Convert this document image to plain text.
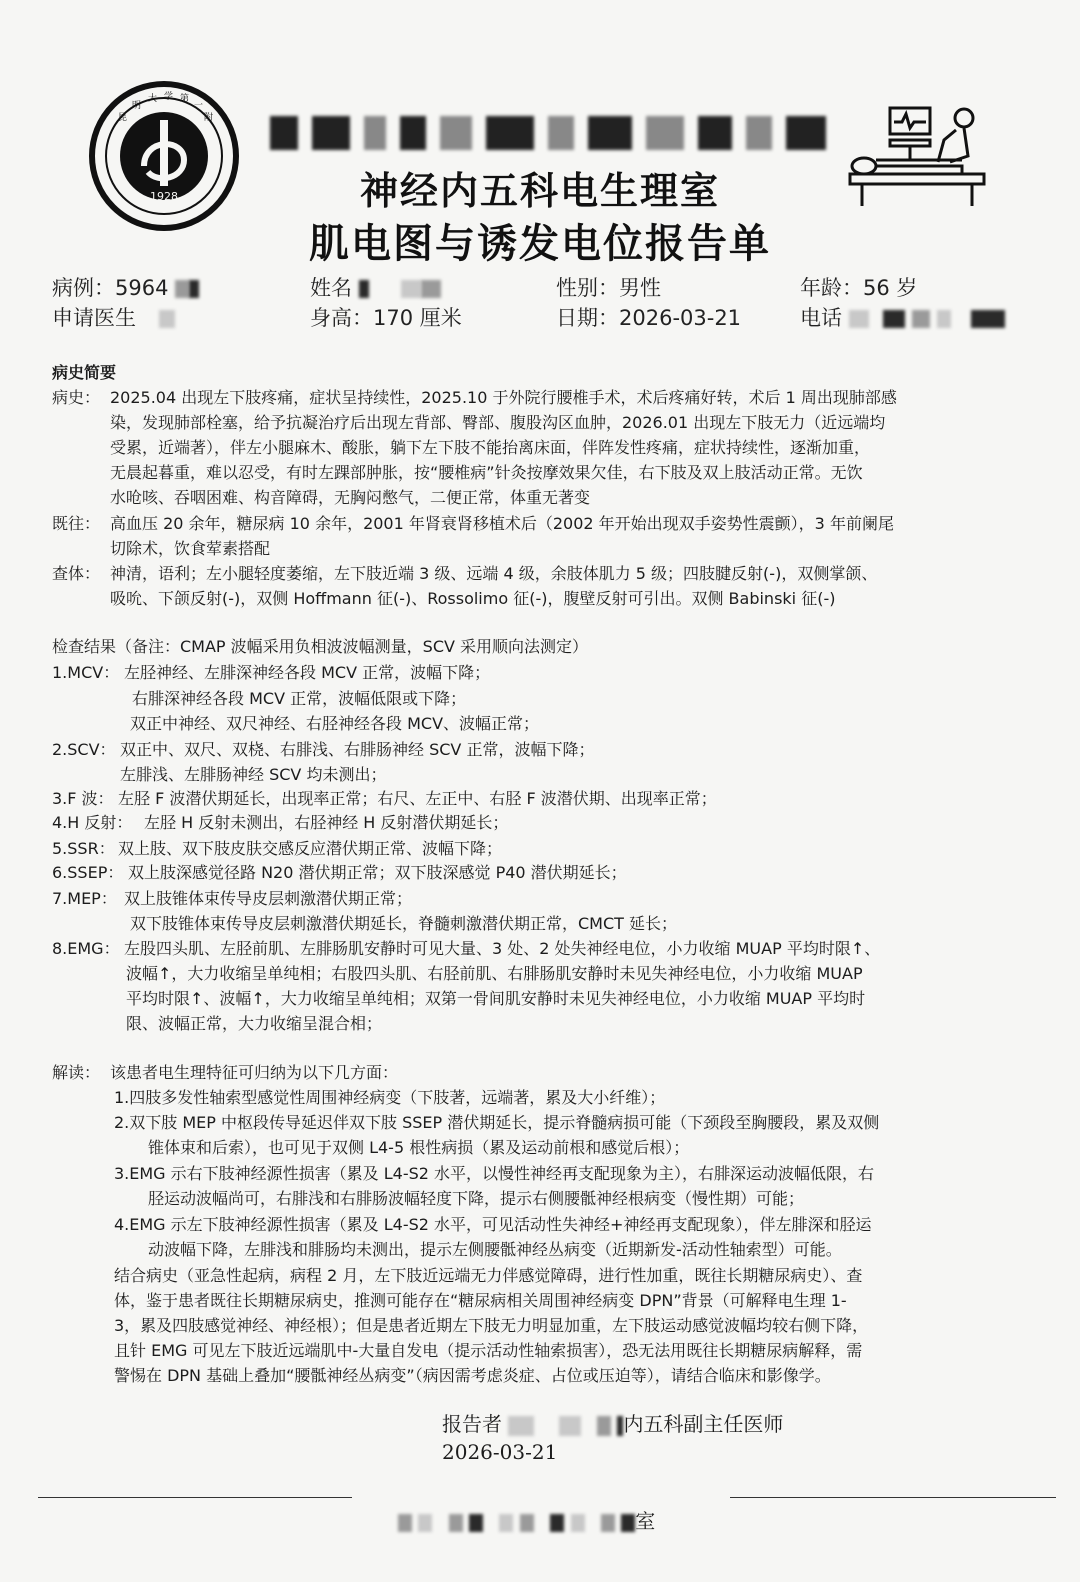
1928
昆
明
大 学 第
一
附
神经内五科电生理室
肌电图与诱发电位报告单
病例：5964	姓名	性别：男性	年龄：56 岁
申请医生	身高：170 厘米	日期：2026-03-21	电话
病史简要
病史： 2025.04 出现左下肢疼痛，症状呈持续性，2025.10 于外院行腰椎手术，术后疼痛好转，术后 1 周出现肺部感
染，发现肺部栓塞，给予抗凝治疗后出现左背部、臀部、腹股沟区血肿，2026.01 出现左下肢无力（近远端均
受累，近端著），伴左小腿麻木、酸胀，躺下左下肢不能抬离床面，伴阵发性疼痛，症状持续性，逐渐加重，
无晨起暮重，难以忍受，有时左踝部肿胀，按“腰椎病”针灸按摩效果欠佳，右下肢及双上肢活动正常。无饮
水呛咳、吞咽困难、构音障碍，无胸闷憋气，二便正常，体重无著变
既往： 高血压 20 余年，糖尿病 10 余年，2001 年肾衰肾移植术后（2002 年开始出现双手姿势性震颤），3 年前阑尾
切除术，饮食荤素搭配
查体： 神清，语利；左小腿轻度萎缩，左下肢近端 3 级、远端 4 级，余肢体肌力 5 级；四肢腱反射(-)，双侧掌颌、
吸吮、下颌反射(-)，双侧 Hoffmann 征(-)、Rossolimo 征(-)，腹壁反射可引出。双侧 Babinski 征(-)
检查结果（备注：CMAP 波幅采用负相波波幅测量，SCV 采用顺向法测定）
1.MCV： 左胫神经、左腓深神经各段 MCV 正常，波幅下降；
右腓深神经各段 MCV 正常，波幅低限或下降；
双正中神经、双尺神经、右胫神经各段 MCV、波幅正常；
2.SCV： 双正中、双尺、双桡、右腓浅、右腓肠神经 SCV 正常，波幅下降；
左腓浅、左腓肠神经 SCV 均未测出；
3.F 波： 左胫 F 波潜伏期延长，出现率正常；右尺、左正中、右胫 F 波潜伏期、出现率正常；
4.H 反射： 左胫 H 反射未测出，右胫神经 H 反射潜伏期延长；
5.SSR： 双上肢、双下肢皮肤交感反应潜伏期正常、波幅下降；
6.SSEP： 双上肢深感觉径路 N20 潜伏期正常；双下肢深感觉 P40 潜伏期延长；
7.MEP： 双上肢锥体束传导皮层刺激潜伏期正常；
双下肢锥体束传导皮层刺激潜伏期延长，脊髓刺激潜伏期正常，CMCT 延长；
8.EMG： 左股四头肌、左胫前肌、左腓肠肌安静时可见大量、3 处、2 处失神经电位，小力收缩 MUAP 平均时限↑、
波幅↑，大力收缩呈单纯相；右股四头肌、右胫前肌、右腓肠肌安静时未见失神经电位，小力收缩 MUAP
平均时限↑、波幅↑，大力收缩呈单纯相；双第一骨间肌安静时未见失神经电位，小力收缩 MUAP 平均时
限、波幅正常，大力收缩呈混合相；
解读： 该患者电生理特征可归纳为以下几方面：
1.四肢多发性轴索型感觉性周围神经病变（下肢著，远端著，累及大小纤维）；
2.双下肢 MEP 中枢段传导延迟伴双下肢 SSEP 潜伏期延长，提示脊髓病损可能（下颈段至胸腰段，累及双侧
锥体束和后索），也可见于双侧 L4-5 根性病损（累及运动前根和感觉后根）；
3.EMG 示右下肢神经源性损害（累及 L4-S2 水平，以慢性神经再支配现象为主），右腓深运动波幅低限，右
胫运动波幅尚可，右腓浅和右腓肠波幅轻度下降，提示右侧腰骶神经根病变（慢性期）可能；
4.EMG 示左下肢神经源性损害（累及 L4-S2 水平，可见活动性失神经+神经再支配现象），伴左腓深和胫运
动波幅下降，左腓浅和腓肠均未测出，提示左侧腰骶神经丛病变（近期新发-活动性轴索型）可能。
结合病史（亚急性起病，病程 2 月，左下肢近远端无力伴感觉障碍，进行性加重，既往长期糖尿病史）、查
体，鉴于患者既往长期糖尿病史，推测可能存在“糖尿病相关周围神经病变 DPN”背景（可解释电生理 1-
3，累及四肢感觉神经、神经根）；但是患者近期左下肢无力明显加重，左下肢运动感觉波幅均较右侧下降，
且针 EMG 可见左下肢近远端肌中-大量自发电（提示活动性轴索损害），恐无法用既往长期糖尿病解释，需
警惕在 DPN 基础上叠加“腰骶神经丛病变”（病因需考虑炎症、占位或压迫等），请结合临床和影像学。
报告者	内五科副主任医师
2026-03-21
室
